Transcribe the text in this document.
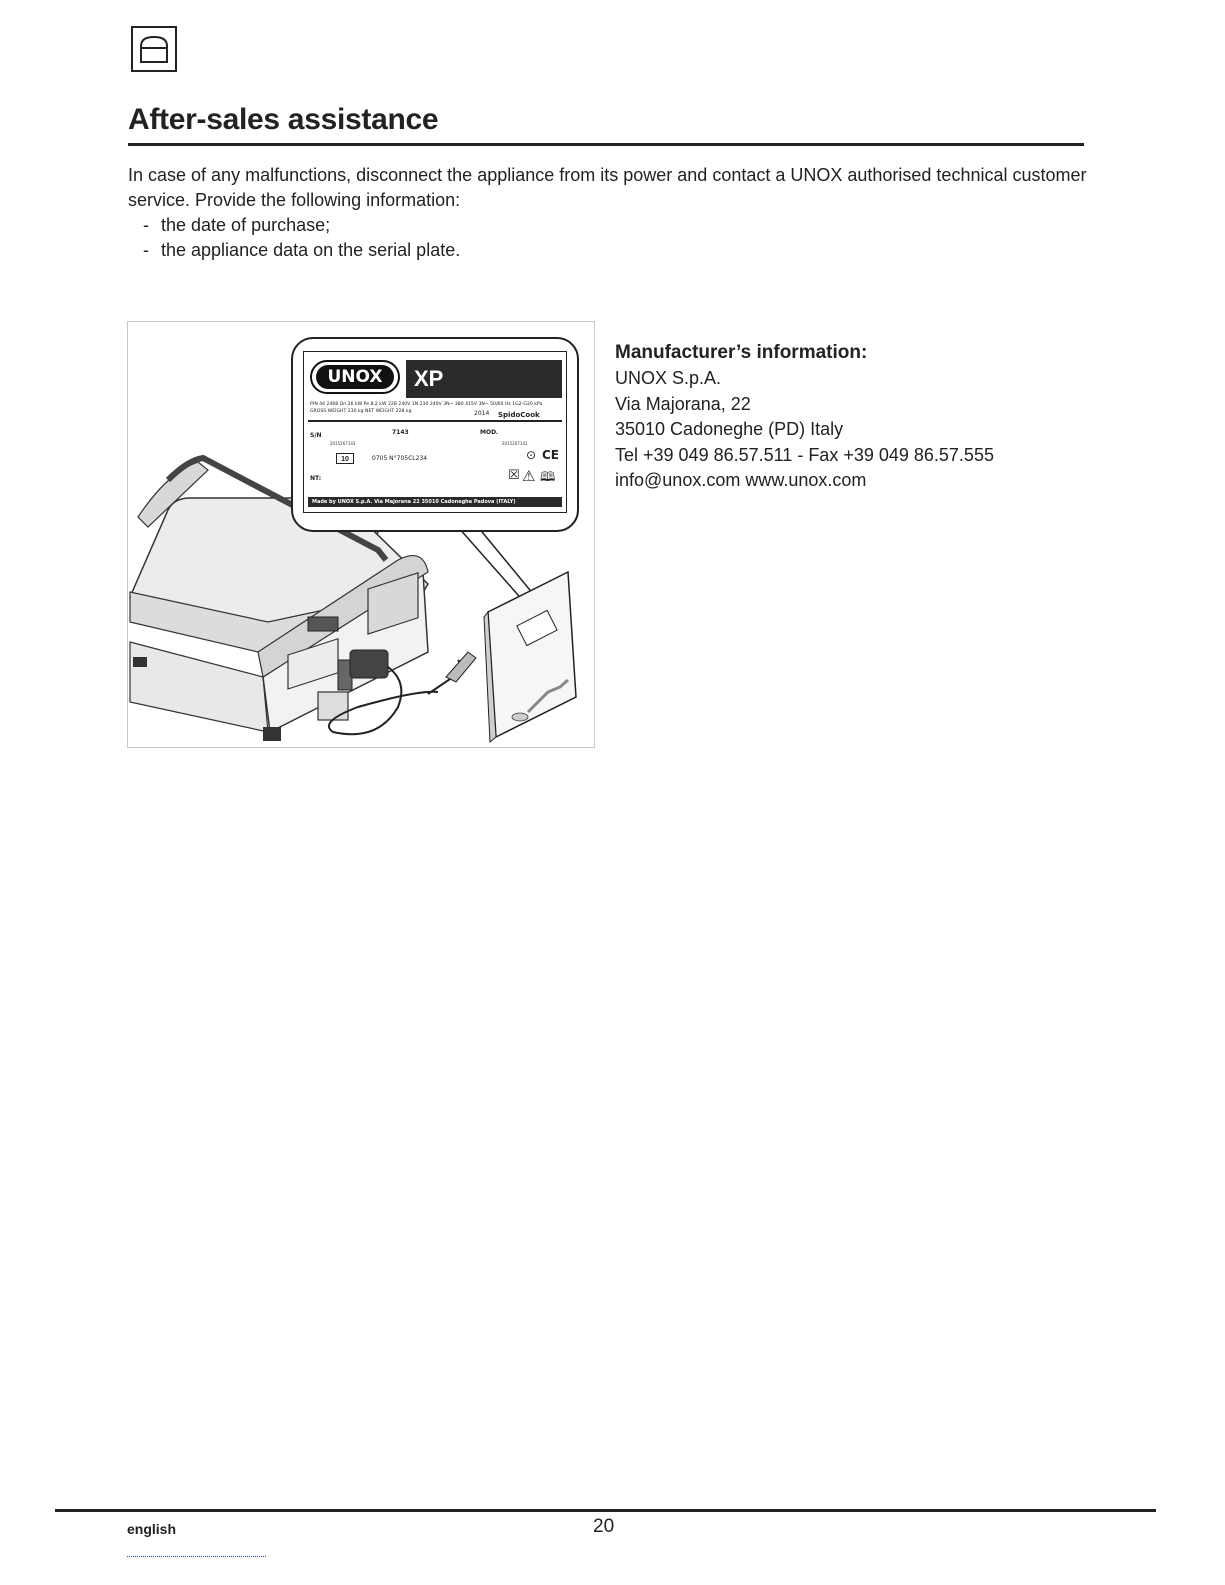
After-sales assistance

In case of any malfunctions, disconnect the appliance from its power and contact a UNOX authorised technical customer service. Provide the following information:

- the date of purchase;
- the appliance data on the serial plate.
UNOX	XP
P/N 44 2468 Qn 26 kW Pe 8.2 kW 22B 240V 1N 230 240V 3N~ 380 415V 3N~ 50/60 Hz 1G2-G20 kPa
GROSS WEIGHT 230 kg NET WEIGHT 228 kg	2014 SpidoCook
S/N	7143
2015267143
MOD.
2015267143
10	0705 N°705CL234	⊙ CE
NT:	☒ ⚠ 🕮
Made by UNOX S.p.A. Via Majorana 22 35010 Cadoneghe Padova (ITALY)
Manufacturer’s information:
UNOX S.p.A.
Via Majorana, 22
35010 Cadoneghe (PD) Italy
Tel +39 049 86.57.511 - Fax +39 049 86.57.555
info@unox.com www.unox.com
english	20
